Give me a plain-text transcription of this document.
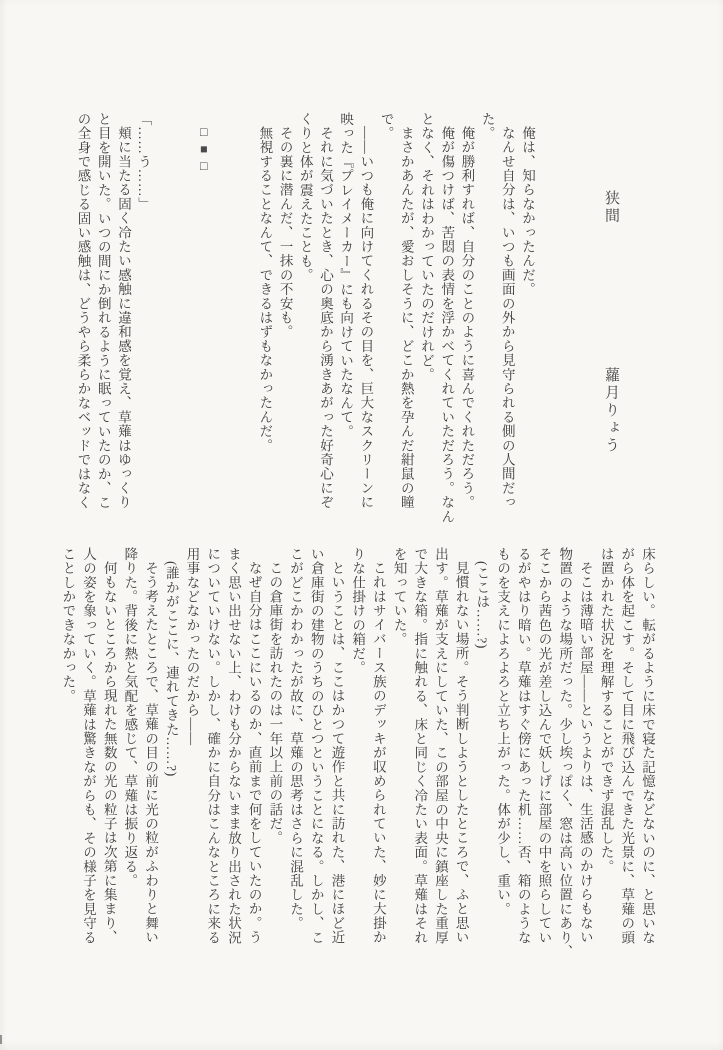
狭間蘿月りょう
俺は、知らなかったんだ。
なんせ自分は、いつも画面の外から見守られる側の人間だっ
た。
俺が勝利すれば、自分のことのように喜んでくれただろう。
俺が傷つけば、苦悶の表情を浮かべてくれていただろう。なん
となく、それはわかっていたのだけれど。
まさかあんたが、愛おしそうに、どこか熱を孕んだ紺鼠の瞳
で。
――いつも俺に向けてくれるその目を、巨大なスクリーンに
映った『プレイメーカー』にも向けていたなんて。
それに気づいたとき、心の奥底から湧きあがった好奇心にぞ
くりと体が震えたことも。
その裏に潜んだ、一抹の不安も。
無視することなんて、できるはずもなかったんだ。

□■□

「……う……」
頬に当たる固く冷たい感触に違和感を覚え、草薙はゆっくり
と目を開いた。いつの間にか倒れるように眠っていたのか、こ
の全身で感じる固い感触は、どうやら柔らかなベッドではなく
床らしい。転がるように床で寝た記憶などないのに、と思いな
がら体を起こす。そして目に飛び込んできた光景に、草薙の頭
は置かれた状況を理解することができず混乱した。
そこは薄暗い部屋――というよりは、生活感のかけらもない
物置のような場所だった。少し埃っぽく、窓は高い位置にあり、
そこから茜色の光が差し込んで妖しげに部屋の中を照らしてい
るがやはり暗い。草薙はすぐ傍にあった机……否、箱のような
ものを支えによろよろと立ち上がった。体が少し、重い。
(ここは……?)
見慣れない場所。そう判断しようとしたところで、ふと思い
出す。草薙が支えにしていた、この部屋の中央に鎮座した重厚
で大きな箱。指に触れる、床と同じく冷たい表面。草薙はそれ
を知っていた。
これはサイバース族のデッキが収められていた、妙に大掛か
りな仕掛けの箱だ。
ということは、ここはかつて遊作と共に訪れた、港にほど近
い倉庫街の建物のうちのひとつということになる。しかし、こ
こがどこかわかったが故に、草薙の思考はさらに混乱した。
この倉庫街を訪れたのは一年以上前の話だ。
なぜ自分はここにいるのか、直前まで何をしていたのか。う
まく思い出せない上、わけも分からないまま放り出された状況
についていけない。しかし、確かに自分はこんなところに来る
用事などなかったのだから――
(誰かがここに、連れてきた……?)
そう考えたところで、草薙の目の前に光の粒がふわりと舞い
降りた。背後に熱と気配を感じて、草薙は振り返る。
何もないところから現れた無数の光の粒子は次第に集まり、
人の姿を象っていく。草薙は驚きながらも、その様子を見守る
ことしかできなかった。
